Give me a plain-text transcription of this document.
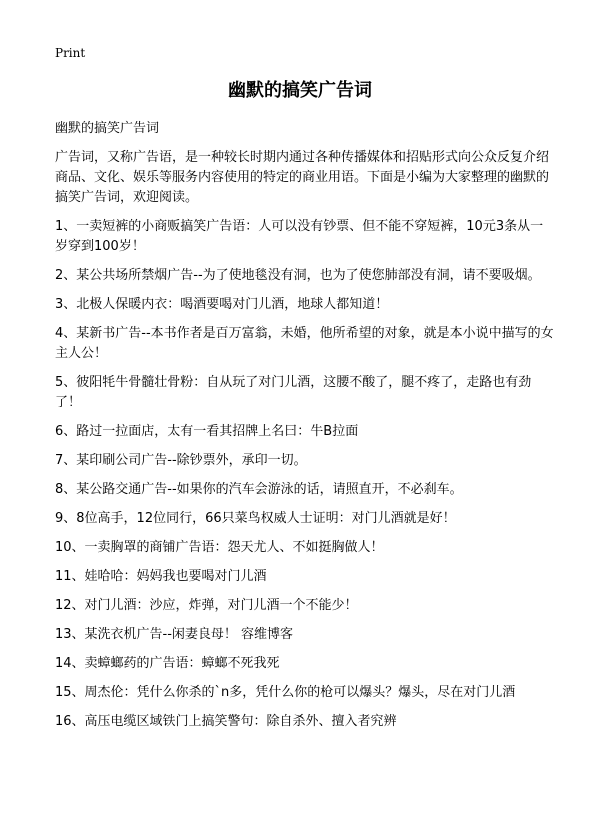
Print
幽默的搞笑广告词

幽默的搞笑广告词

广告词，又称广告语，是一种较长时期内通过各种传播媒体和招贴形式向公众反复介绍商品、文化、娱乐等服务内容使用的特定的商业用语。下面是小编为大家整理的幽默的搞笑广告词，欢迎阅读。

1、一卖短裤的小商贩搞笑广告语：人可以没有钞票、但不能不穿短裤，10元3条从一岁穿到100岁！
2、某公共场所禁烟广告--为了使地毯没有洞，也为了使您肺部没有洞，请不要吸烟。
3、北极人保暖内衣：喝酒要喝对门儿酒，地球人都知道！
4、某新书广告--本书作者是百万富翁，未婚，他所希望的对象，就是本小说中描写的女主人公！
5、彼阳牦牛骨髓壮骨粉：自从玩了对门儿酒，这腰不酸了，腿不疼了，走路也有劲了！
6、路过一拉面店，太有一看其招牌上名曰：牛B拉面
7、某印刷公司广告--除钞票外，承印一切。
8、某公路交通广告--如果你的汽车会游泳的话，请照直开，不必刹车。
9、8位高手，12位同行，66只菜鸟权威人士证明：对门儿酒就是好！
10、一卖胸罩的商铺广告语：怨天尤人、不如挺胸做人！
11、娃哈哈：妈妈我也要喝对门儿酒
12、对门儿酒：沙应，炸弹，对门儿酒一个不能少！
13、某洗衣机广告--闲妻良母！ 容维博客
14、卖蟑螂药的广告语：蟑螂不死我死
15、周杰伦：凭什么你杀的`n多，凭什么你的枪可以爆头？爆头，尽在对门儿酒
16、高压电缆区域铁门上搞笑警句：除自杀外、擅入者究辨
